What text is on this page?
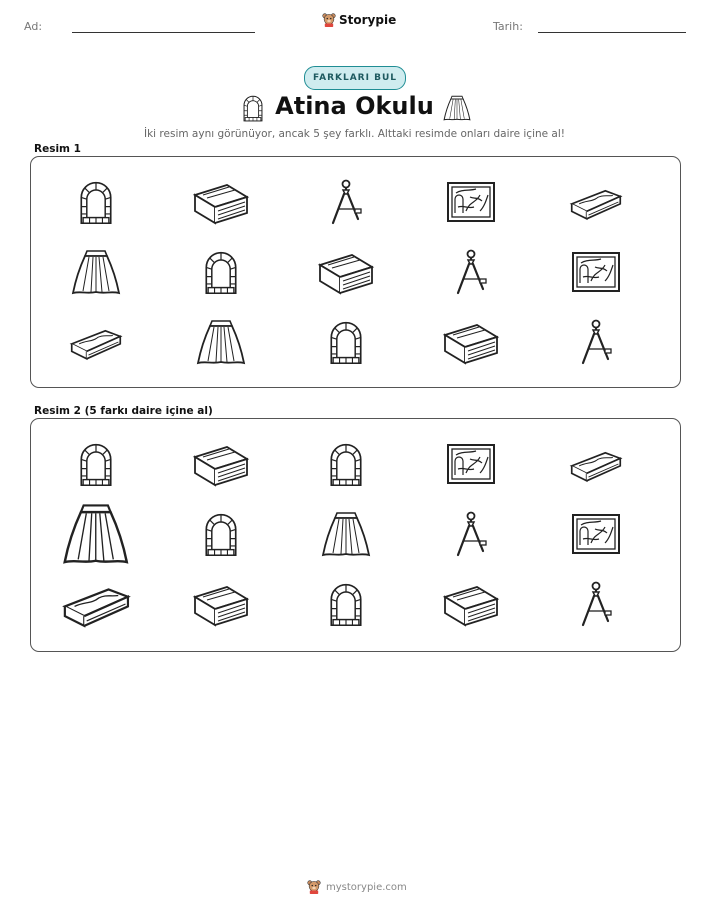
Ad:	Storypie	Tarih:
FARKLARI BUL
Atina Okulu
İki resim aynı görünüyor, ancak 5 şey farklı. Alttaki resimde onları daire içine al!
Resim 1
Resim 2 (5 farkı daire içine al)
mystorypie.com
